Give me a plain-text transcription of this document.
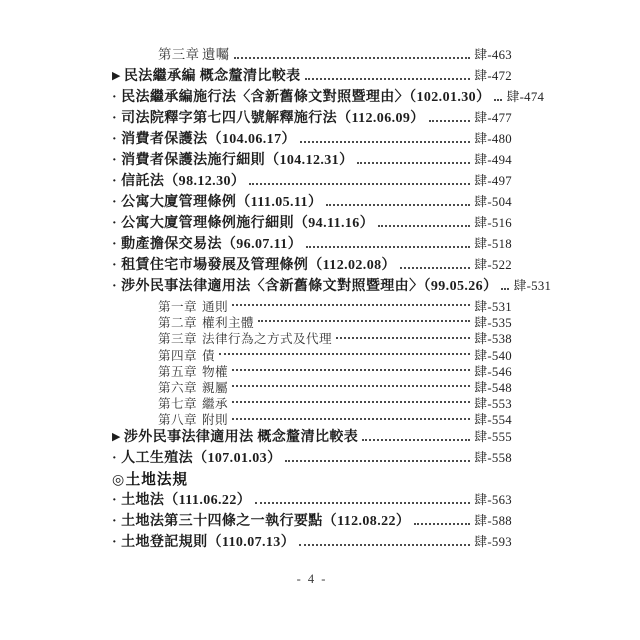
第三章 遺囑	肆-463
▶ 民法繼承編 概念釐清比較表	肆-472
· 民法繼承編施行法〈含新舊條文對照暨理由〉（102.01.30） 肆-474
· 司法院釋字第七四八號解釋施行法（112.06.09）	肆-477
· 消費者保護法（104.06.17）	肆-480
· 消費者保護法施行細則（104.12.31）	肆-494
· 信託法（98.12.30）	肆-497
· 公寓大廈管理條例（111.05.11）	肆-504
· 公寓大廈管理條例施行細則（94.11.16）	肆-516
· 動產擔保交易法（96.07.11）	肆-518
· 租賃住宅市場發展及管理條例（112.02.08）	肆-522
· 涉外民事法律適用法〈含新舊條文對照暨理由〉（99.05.26） 肆-531
第一章 通則	肆-531
第二章 權利主體	肆-535
第三章 法律行為之方式及代理	肆-538
第四章 債	肆-540
第五章 物權	肆-546
第六章 親屬	肆-548
第七章 繼承	肆-553
第八章 附則	肆-554
▶ 涉外民事法律適用法 概念釐清比較表	肆-555
· 人工生殖法（107.01.03）	肆-558
◎ 土地法規
· 土地法（111.06.22）	肆-563
· 土地法第三十四條之一執行要點（112.08.22）	肆-588
· 土地登記規則（110.07.13）	肆-593
- 4 -
